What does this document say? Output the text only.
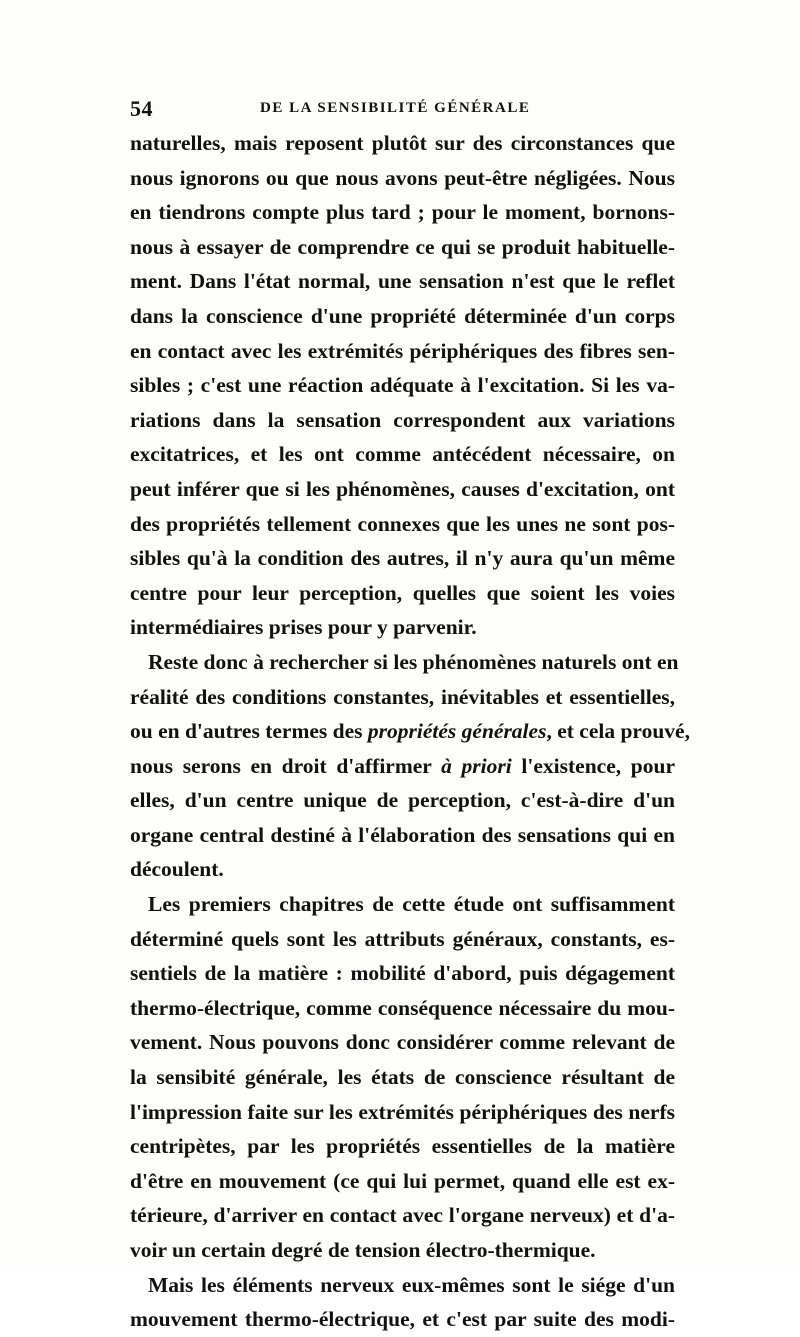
54	DE LA SENSIBILITÉ GÉNÉRALE
naturelles, mais reposent plutôt sur des circonstances que
nous ignorons ou que nous avons peut-être négligées. Nous
en tiendrons compte plus tard ; pour le moment, bornons-
nous à essayer de comprendre ce qui se produit habituelle-
ment. Dans l'état normal, une sensation n'est que le reflet
dans la conscience d'une propriété déterminée d'un corps
en contact avec les extrémités périphériques des fibres sen-
sibles ; c'est une réaction adéquate à l'excitation. Si les va-
riations dans la sensation correspondent aux variations
excitatrices, et les ont comme antécédent nécessaire, on
peut inférer que si les phénomènes, causes d'excitation, ont
des propriétés tellement connexes que les unes ne sont pos-
sibles qu'à la condition des autres, il n'y aura qu'un même
centre pour leur perception, quelles que soient les voies
intermédiaires prises pour y parvenir.
Reste donc à rechercher si les phénomènes naturels ont en
réalité des conditions constantes, inévitables et essentielles,
ou en d'autres termes des propriétés générales, et cela prouvé,
nous serons en droit d'affirmer à priori l'existence, pour
elles, d'un centre unique de perception, c'est-à-dire d'un
organe central destiné à l'élaboration des sensations qui en
découlent.
Les premiers chapitres de cette étude ont suffisamment
déterminé quels sont les attributs généraux, constants, es-
sentiels de la matière : mobilité d'abord, puis dégagement
thermo-électrique, comme conséquence nécessaire du mou-
vement. Nous pouvons donc considérer comme relevant de
la sensibité générale, les états de conscience résultant de
l'impression faite sur les extrémités périphériques des nerfs
centripètes, par les propriétés essentielles de la matière
d'être en mouvement (ce qui lui permet, quand elle est ex-
térieure, d'arriver en contact avec l'organe nerveux) et d'a-
voir un certain degré de tension électro-thermique.
Mais les éléments nerveux eux-mêmes sont le siége d'un
mouvement thermo-électrique, et c'est par suite des modi-
